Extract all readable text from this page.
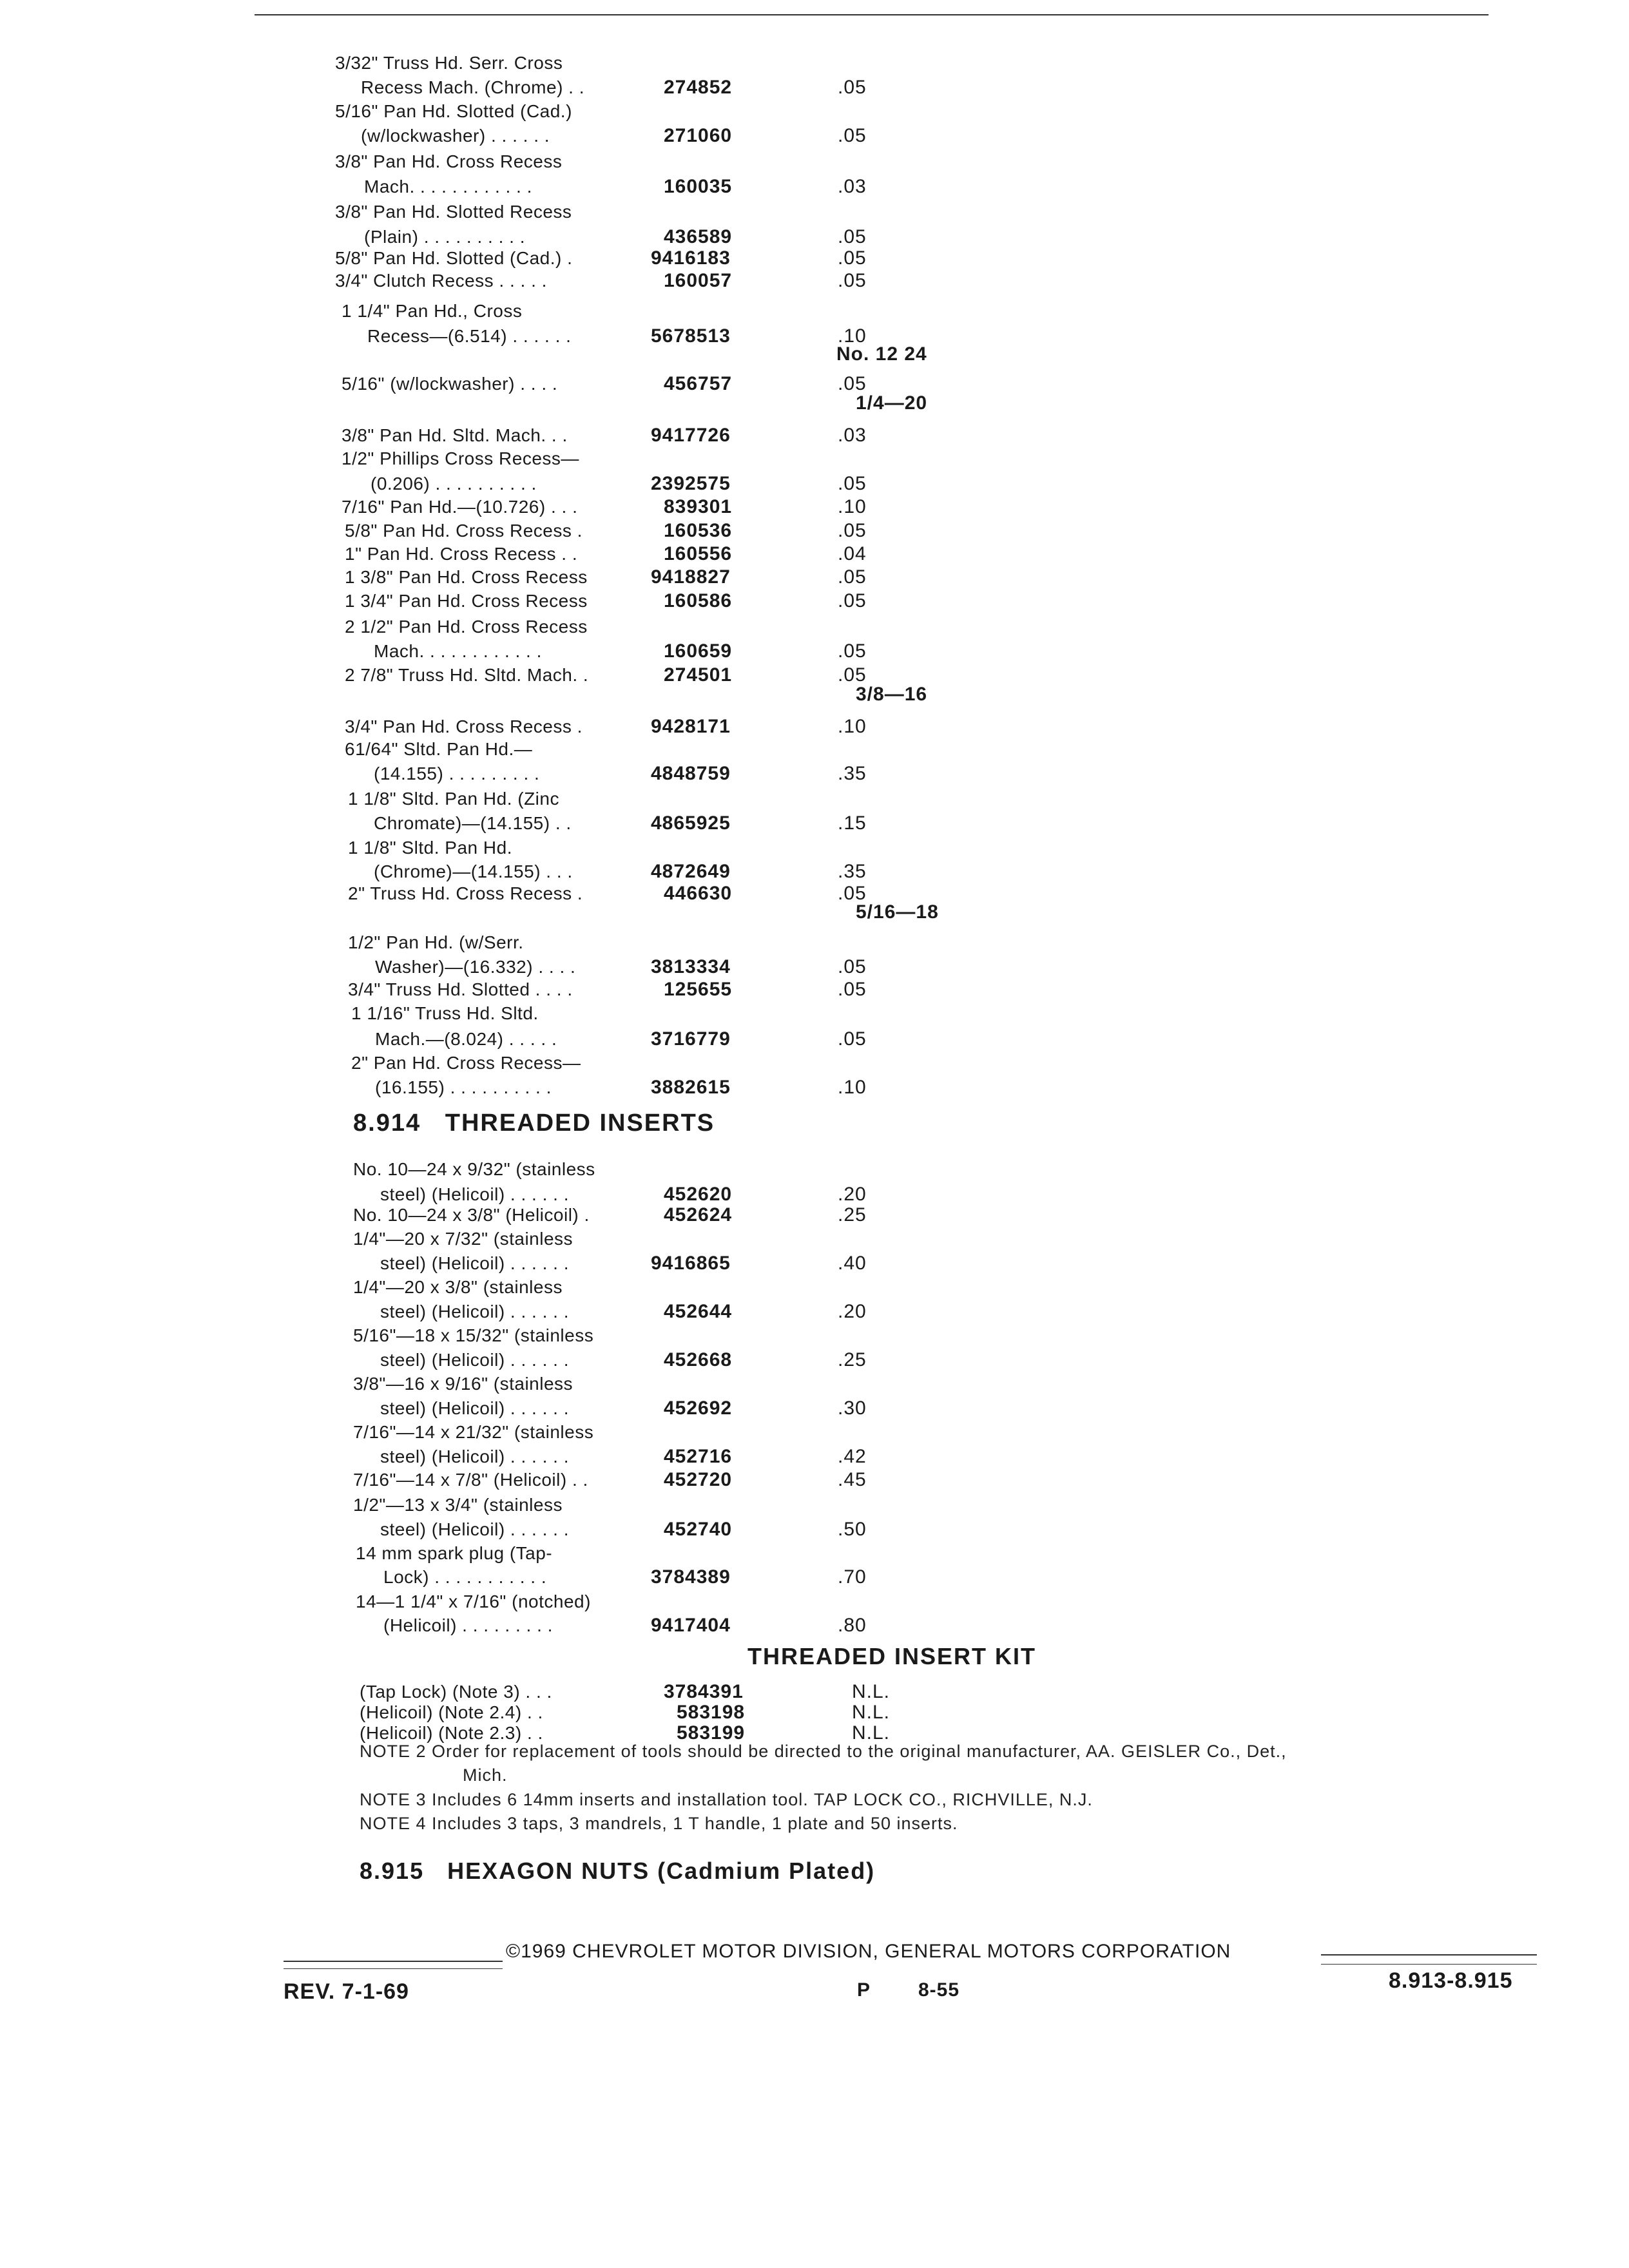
3/32" Truss Hd. Serr. Cross
Recess Mach. (Chrome) . .	274852	.05
5/16" Pan Hd. Slotted (Cad.)
(w/lockwasher) . . . . . .	271060	.05
3/8" Pan Hd. Cross Recess
Mach. . . . . . . . . . . .	160035	.03
3/8" Pan Hd. Slotted Recess
(Plain) . . . . . . . . . .	436589	.05
5/8" Pan Hd. Slotted (Cad.) .	9416183	.05
3/4" Clutch Recess . . . . .	160057	.05
1 1/4" Pan Hd., Cross
Recess—(6.514) . . . . . .	5678513	.10
No. 12 24
5/16" (w/lockwasher) . . . .	456757	.05
1/4—20
3/8" Pan Hd. Sltd. Mach. . .	9417726	.03
1/2" Phillips Cross Recess—
(0.206) . . . . . . . . . .	2392575	.05
7/16" Pan Hd.—(10.726) . . .	839301	.10
5/8" Pan Hd. Cross Recess .	160536	.05
1" Pan Hd. Cross Recess . .	160556	.04
1 3/8" Pan Hd. Cross Recess	9418827	.05
1 3/4" Pan Hd. Cross Recess	160586	.05
2 1/2" Pan Hd. Cross Recess
Mach. . . . . . . . . . . .	160659	.05
2 7/8" Truss Hd. Sltd. Mach. .	274501	.05
3/8—16
3/4" Pan Hd. Cross Recess .	9428171	.10
61/64" Sltd. Pan Hd.—
(14.155) . . . . . . . . .	4848759	.35
1 1/8" Sltd. Pan Hd. (Zinc
Chromate)—(14.155) . .	4865925	.15
1 1/8" Sltd. Pan Hd.
(Chrome)—(14.155) . . .	4872649	.35
2" Truss Hd. Cross Recess .	446630	.05
5/16—18
1/2" Pan Hd. (w/Serr.
Washer)—(16.332) . . . .	3813334	.05
3/4" Truss Hd. Slotted . . . .	125655	.05
1 1/16" Truss Hd. Sltd.
Mach.—(8.024) . . . . .	3716779	.05
2" Pan Hd. Cross Recess—
(16.155) . . . . . . . . . .	3882615	.10
No. 10—24 x 9/32" (stainless
steel) (Helicoil) . . . . . .	452620	.20
No. 10—24 x 3/8" (Helicoil) .	452624	.25
1/4"—20 x 7/32" (stainless
steel) (Helicoil) . . . . . .	9416865	.40
1/4"—20 x 3/8" (stainless
steel) (Helicoil) . . . . . .	452644	.20
5/16"—18 x 15/32" (stainless
steel) (Helicoil) . . . . . .	452668	.25
3/8"—16 x 9/16" (stainless
steel) (Helicoil) . . . . . .	452692	.30
7/16"—14 x 21/32" (stainless
steel) (Helicoil) . . . . . .	452716	.42
7/16"—14 x 7/8" (Helicoil) . .	452720	.45
1/2"—13 x 3/4" (stainless
steel) (Helicoil) . . . . . .	452740	.50
14 mm spark plug (Tap-
Lock) . . . . . . . . . . .	3784389	.70
14—1 1/4" x 7/16" (notched)
(Helicoil) . . . . . . . . .	9417404	.80
8.914 THREADED INSERTS
THREADED INSERT KIT
(Tap Lock) (Note 3) . . .	3784391	N.L.
(Helicoil) (Note 2.4) . .	583198	N.L.
(Helicoil) (Note 2.3) . .	583199	N.L.
NOTE 2 Order for replacement of tools should be directed to the original manufacturer, AA. GEISLER Co., Det.,
Mich.
NOTE 3 Includes 6 14mm inserts and installation tool. TAP LOCK CO., RICHVILLE, N.J.
NOTE 4 Includes 3 taps, 3 mandrels, 1 T handle, 1 plate and 50 inserts.
8.915 HEXAGON NUTS (Cadmium Plated)
©1969 CHEVROLET MOTOR DIVISION, GENERAL MOTORS CORPORATION
REV. 7-1-69	P 8-55	8.913-8.915
